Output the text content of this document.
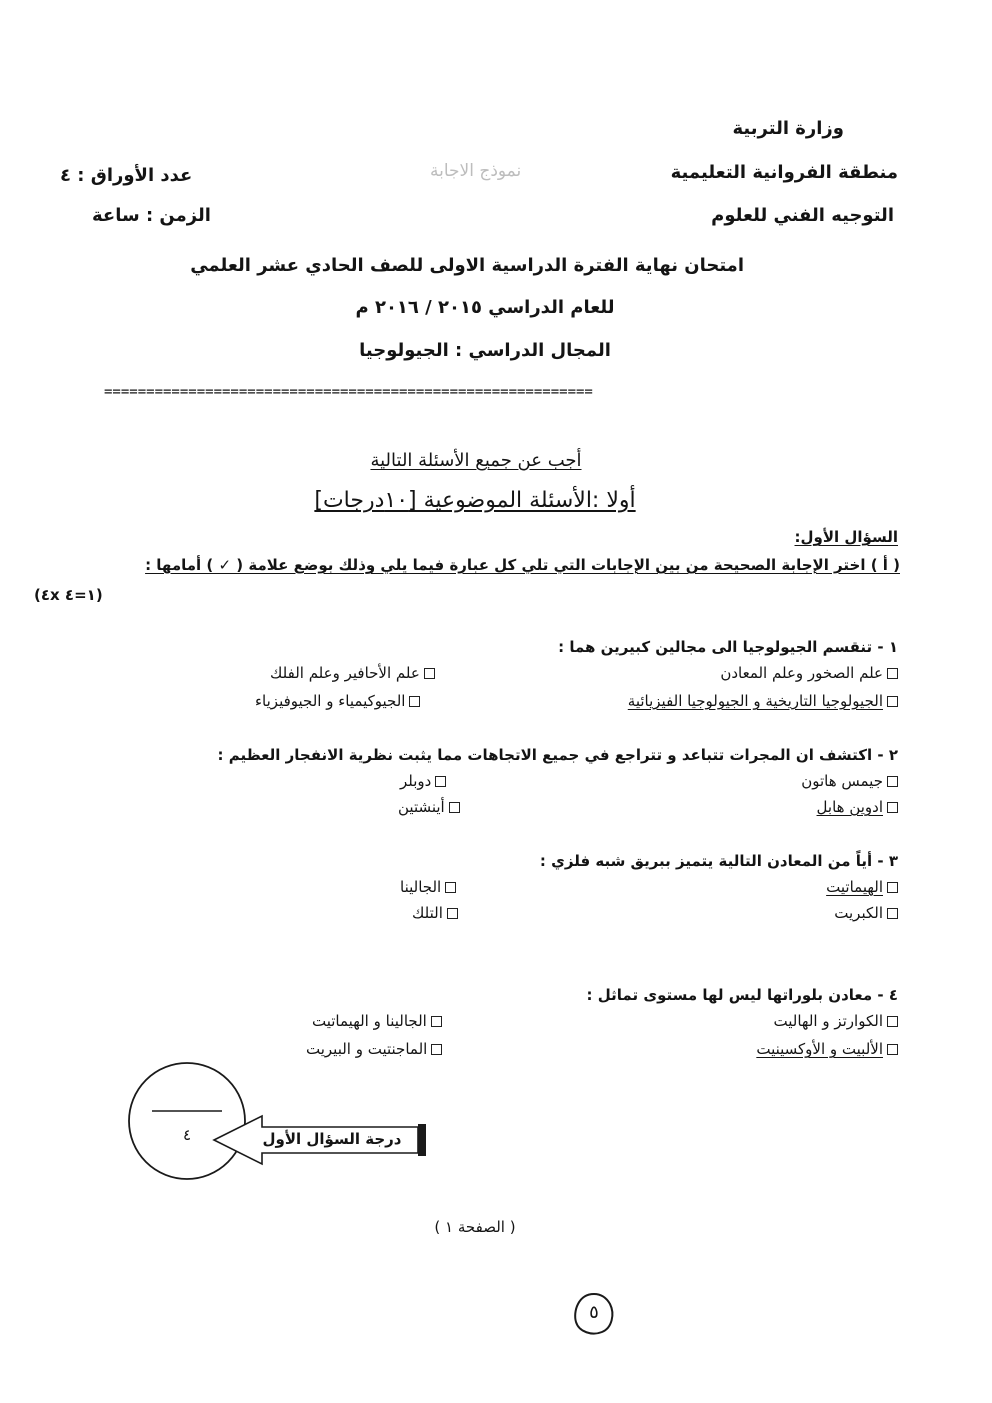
وزارة التربية
منطقة الفروانية التعليمية
التوجيه الفني للعلوم
نموذج الاجابة
عدد الأوراق : ٤
الزمن : ساعة
امتحان نهاية الفترة الدراسية الاولى للصف الحادي عشر العلمي
للعام الدراسي ٢٠١٥ / ٢٠١٦ م
المجال الدراسي : الجيولوجيا
==========================================================
أجب عن جميع الأسئلة التالية
أولا :الأسئلة الموضوعية [١٠درجات]
السؤال الأول:
( أ ) اختر الإجابة الصحيحة من بين الإجابات التي تلي كل عبارة فيما يلي وذلك بوضع علامة ( ✓ ) أمامها :
(٤x ١=٤)
١ - تنقسم الجيولوجيا الى مجالين كبيرين هما :
علم الصخور وعلم المعادن
علم الأحافير وعلم الفلك
الجيولوجيا التاريخية و الجيولوجيا الفيزيائية
الجيوكيمياء و الجيوفيزياء
٢ - اكتشف ان المجرات تتباعد و تتراجع في جميع الاتجاهات مما يثبت نظرية الانفجار العظيم :
جيمس هاتون
دوبلر
ادوين هابل
أينشتين
٣ - أياً من المعادن التالية يتميز ببريق شبه فلزي :
الهيماتيت
الجالينا
الكبريت
التلك
٤ - معادن بلوراتها ليس لها مستوى تماثل :
الكوارتز و الهاليت
الجالينا و الهيماتيت
الألبيت و الأوكسينيت
الماجنتيت و البيريت
٤	درجة السؤال الأول
( الصفحة ١ )
٥
